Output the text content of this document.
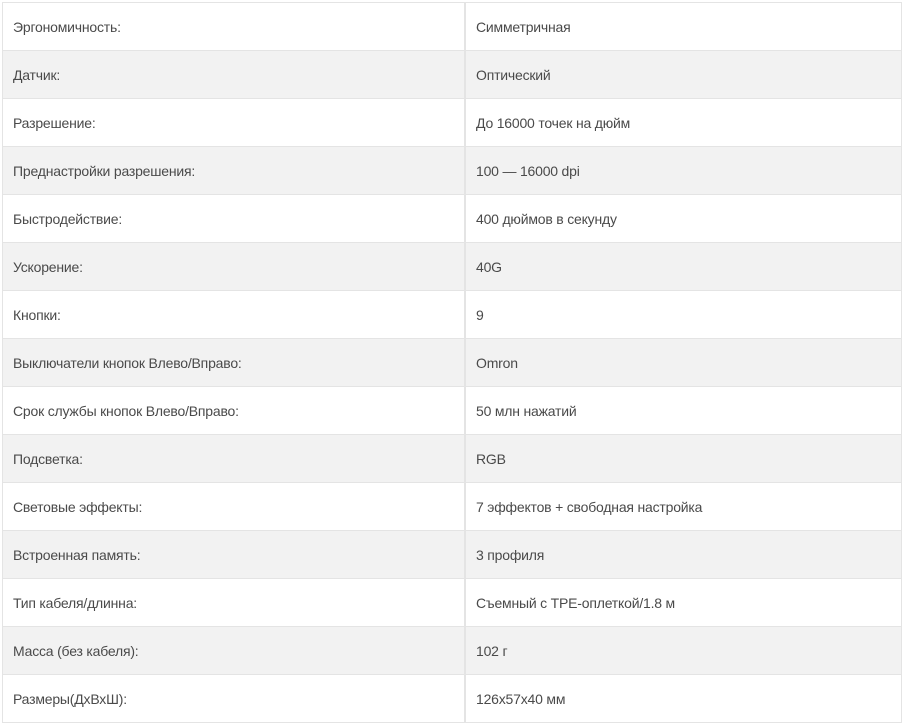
Эргономичность:	Симметричная
Датчик:	Оптический
Разрешение:	До 16000 точек на дюйм
Преднастройки разрешения:	100 — 16000 dpi
Быстродействие:	400 дюймов в секунду
Ускорение:	40G
Кнопки:	9
Выключатели кнопок Влево/Вправо:	Omron
Срок службы кнопок Влево/Вправо:	50 млн нажатий
Подсветка:	RGB
Световые эффекты:	7 эффектов + свободная настройка
Встроенная память:	3 профиля
Тип кабеля/длинна:	Съемный с TPE-оплеткой/1.8 м
Масса (без кабеля):	102 г
Размеры(ДхВхШ):	126x57x40 мм
